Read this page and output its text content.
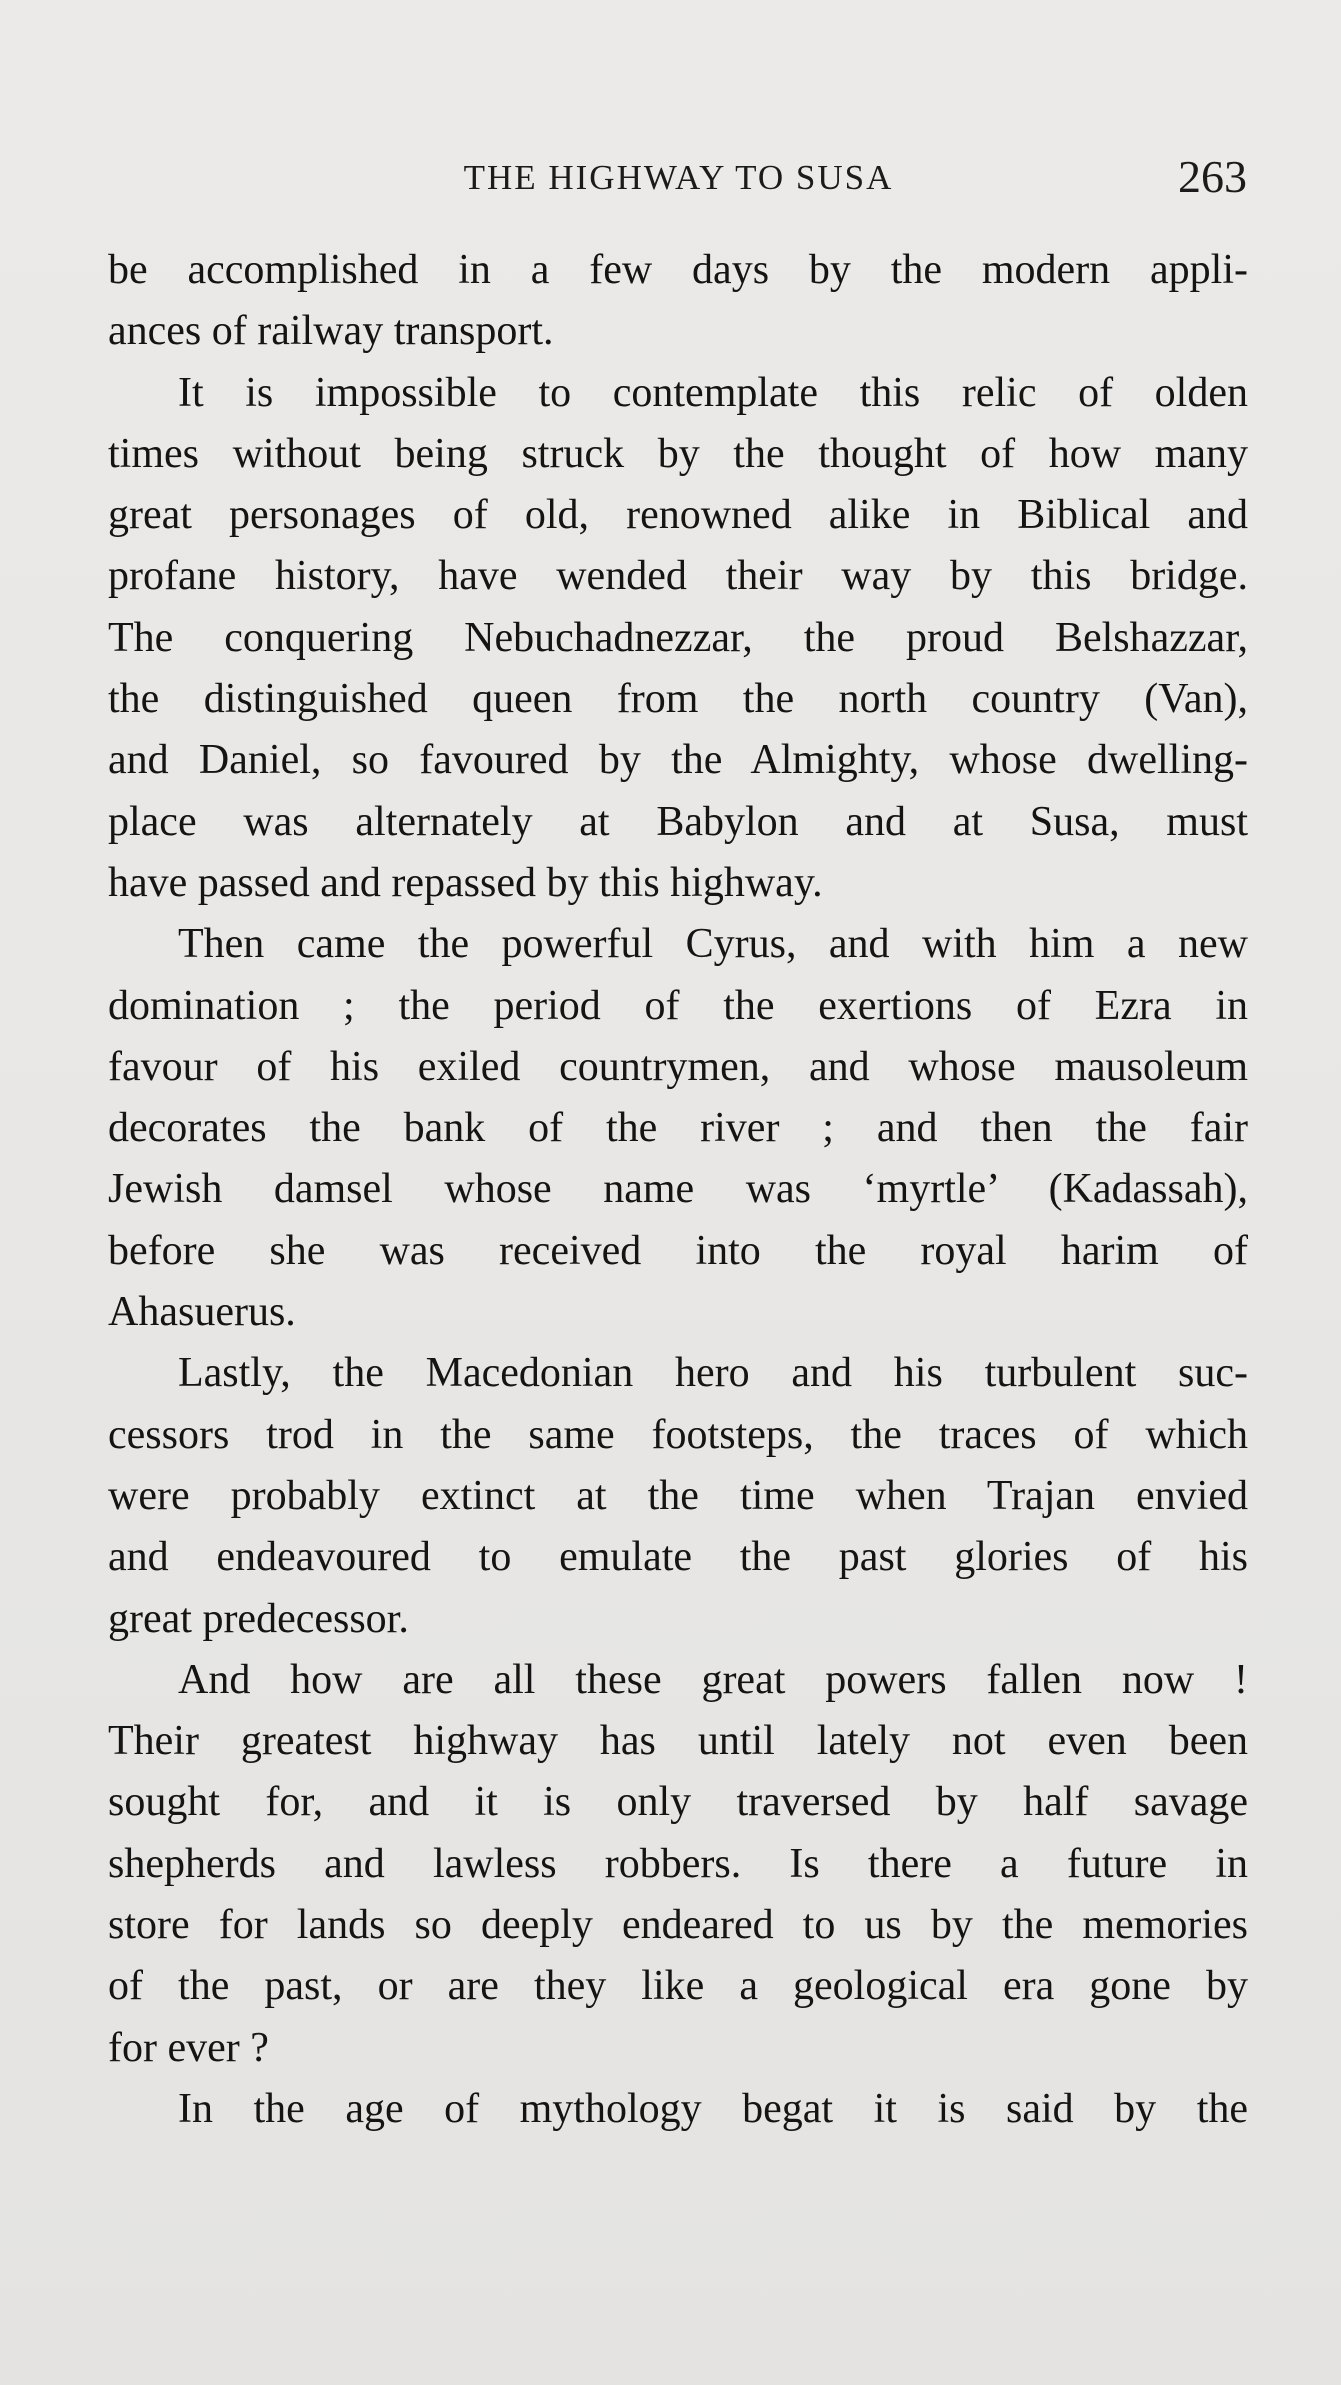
THE HIGHWAY TO SUSA	263
be accomplished in a few days by the modern appli-
ances of railway transport.
It is impossible to contemplate this relic of olden
times without being struck by the thought of how many
great personages of old, renowned alike in Biblical and
profane history, have wended their way by this bridge.
The conquering Nebuchadnezzar, the proud Belshazzar,
the distinguished queen from the north country (Van),
and Daniel, so favoured by the Almighty, whose dwelling-
place was alternately at Babylon and at Susa, must
have passed and repassed by this highway.
Then came the powerful Cyrus, and with him a new
domination ; the period of the exertions of Ezra in
favour of his exiled countrymen, and whose mausoleum
decorates the bank of the river ; and then the fair
Jewish damsel whose name was ‘myrtle’ (Kadassah),
before she was received into the royal harim of
Ahasuerus.
Lastly, the Macedonian hero and his turbulent suc-
cessors trod in the same footsteps, the traces of which
were probably extinct at the time when Trajan envied
and endeavoured to emulate the past glories of his
great predecessor.
And how are all these great powers fallen now !
Their greatest highway has until lately not even been
sought for, and it is only traversed by half savage
shepherds and lawless robbers. Is there a future in
store for lands so deeply endeared to us by the memories
of the past, or are they like a geological era gone by
for ever ?
In the age of mythology begat it is said by the
